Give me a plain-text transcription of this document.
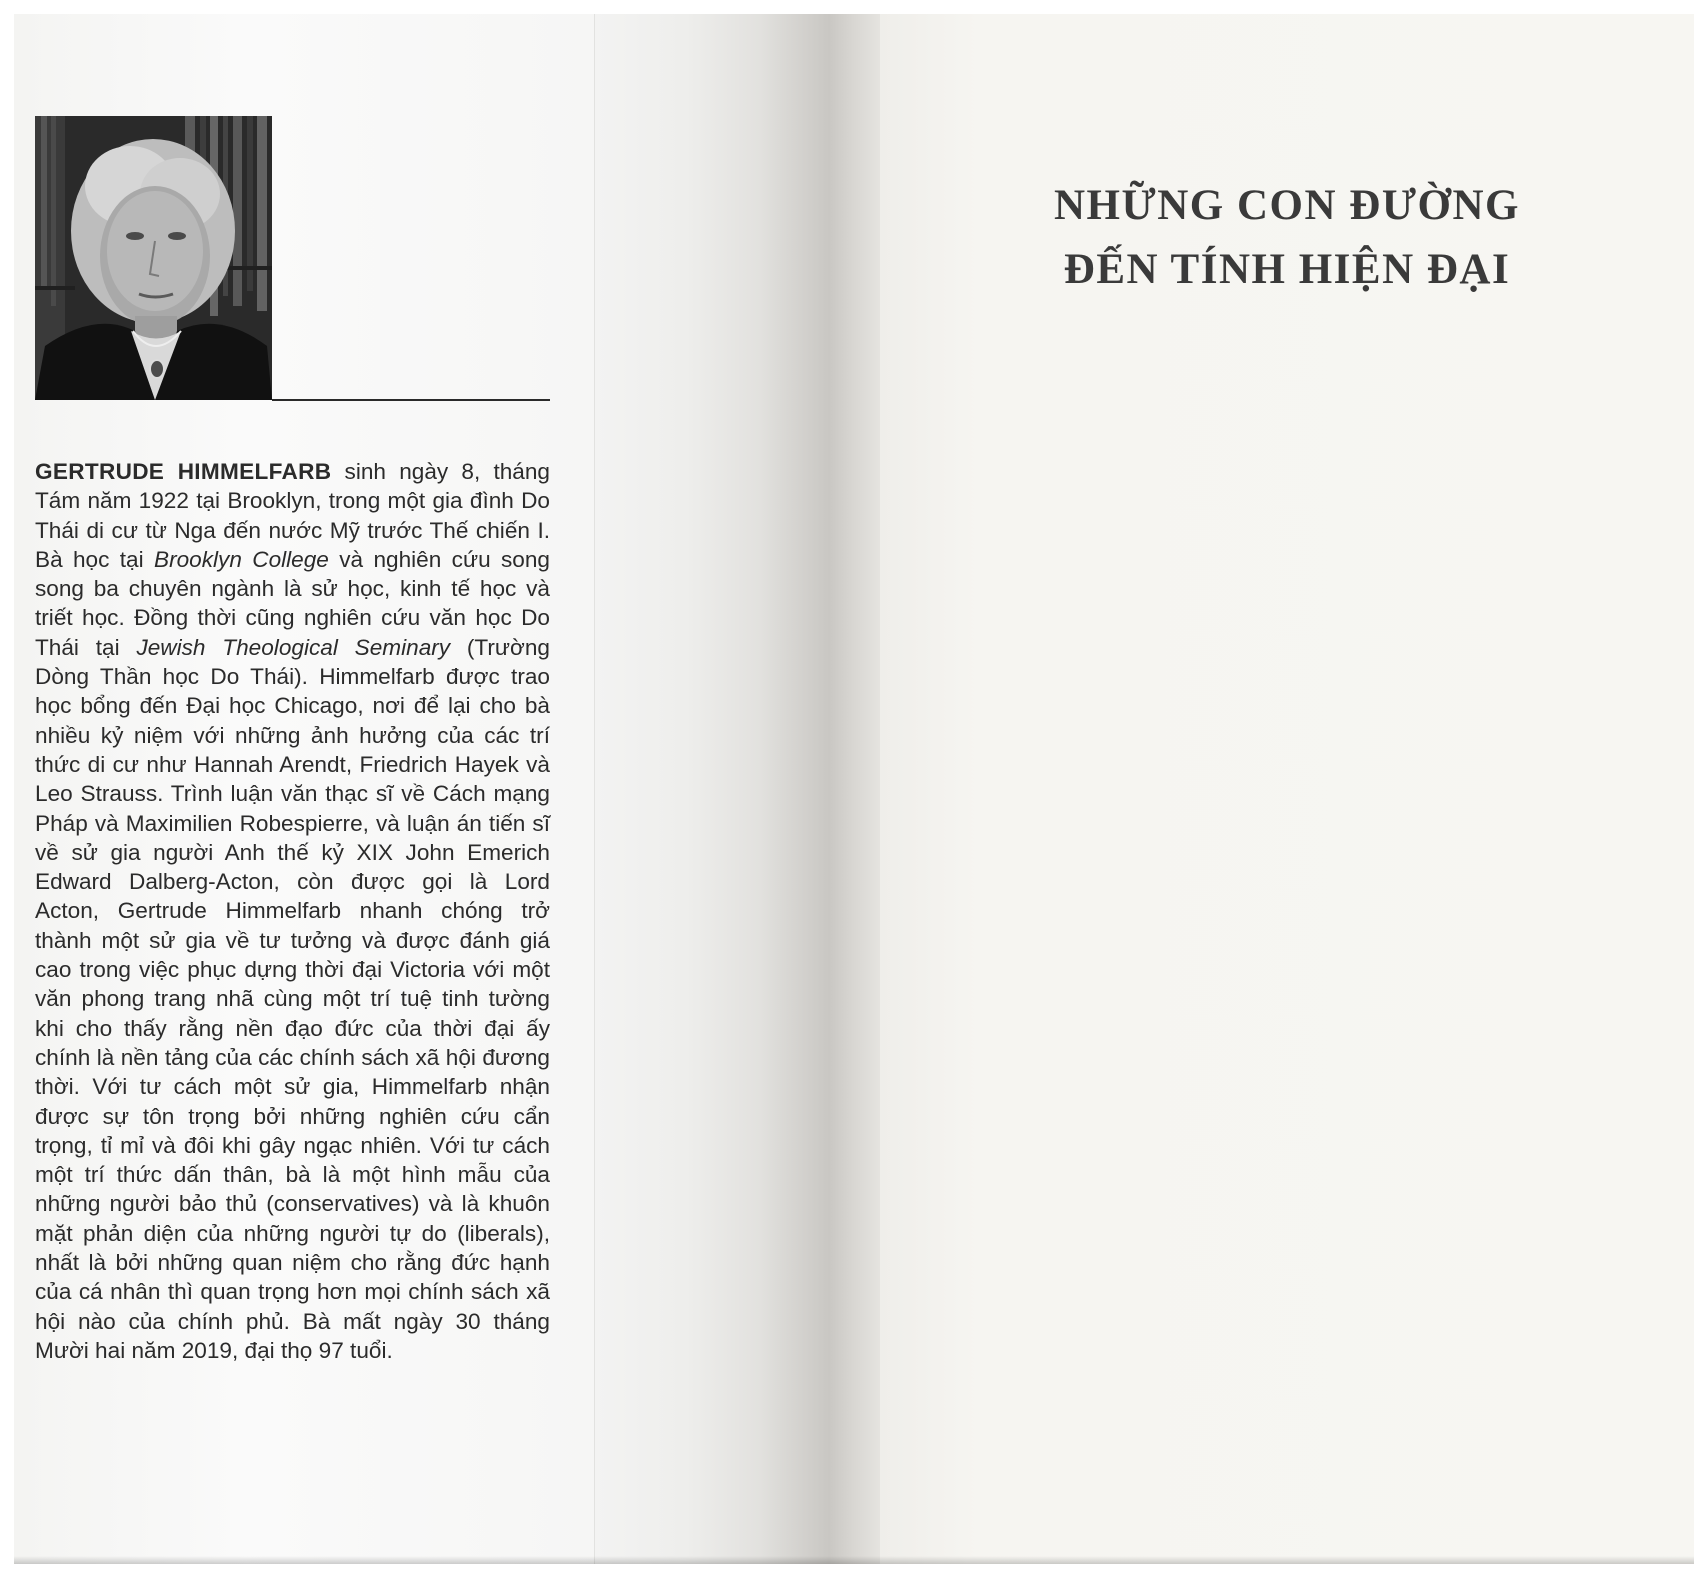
GERTRUDE HIMMELFARB sinh ngày 8, tháng Tám năm 1922 tại Brooklyn, trong một gia đình Do Thái di cư từ Nga đến nước Mỹ trước Thế chiến I. Bà học tại Brooklyn College và nghiên cứu song song ba chuyên ngành là sử học, kinh tế học và triết học. Đồng thời cũng nghiên cứu văn học Do Thái tại Jewish Theological Seminary (Trường Dòng Thần học Do Thái). Himmelfarb được trao học bổng đến Đại học Chicago, nơi để lại cho bà nhiều kỷ niệm với những ảnh hưởng của các trí thức di cư như Hannah Arendt, Friedrich Hayek và Leo Strauss. Trình luận văn thạc sĩ về Cách mạng Pháp và Maximilien Robespierre, và luận án tiến sĩ về sử gia người Anh thế kỷ XIX John Emerich Edward Dalberg-Acton, còn được gọi là Lord Acton, Gertrude Himmelfarb nhanh chóng trở thành một sử gia về tư tưởng và được đánh giá cao trong việc phục dựng thời đại Victoria với một văn phong trang nhã cùng một trí tuệ tinh tường khi cho thấy rằng nền đạo đức của thời đại ấy chính là nền tảng của các chính sách xã hội đương thời. Với tư cách một sử gia, Himmelfarb nhận được sự tôn trọng bởi những nghiên cứu cẩn trọng, tỉ mỉ và đôi khi gây ngạc nhiên. Với tư cách một trí thức dấn thân, bà là một hình mẫu của những người bảo thủ (conservatives) và là khuôn mặt phản diện của những người tự do (liberals), nhất là bởi những quan niệm cho rằng đức hạnh của cá nhân thì quan trọng hơn mọi chính sách xã hội nào của chính phủ. Bà mất ngày 30 tháng Mười hai năm 2019, đại thọ 97 tuổi.

NHỮNG CON ĐƯỜNG
ĐẾN TÍNH HIỆN ĐẠI
